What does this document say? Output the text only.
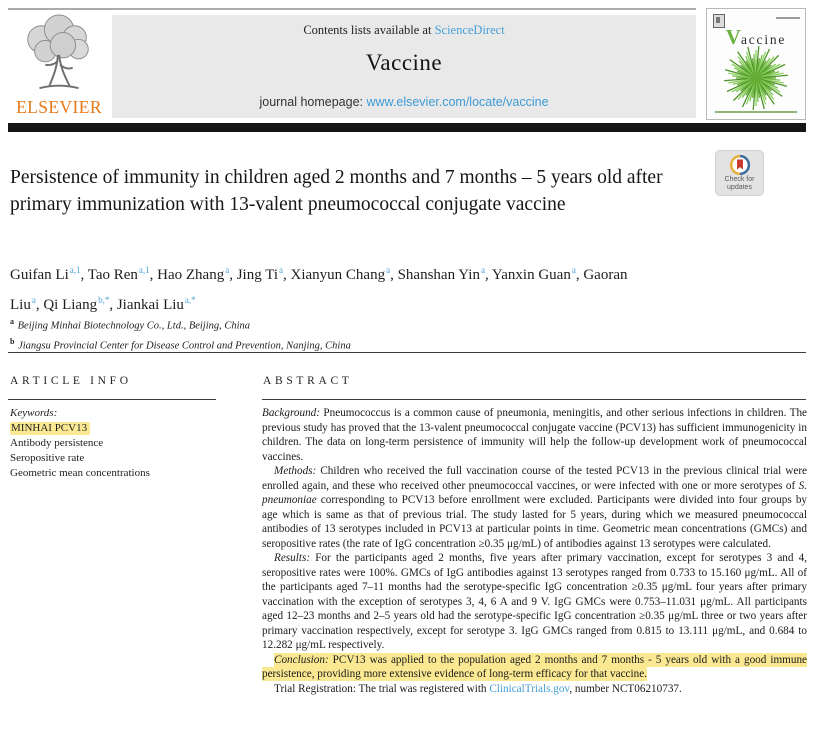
ELSEVIER

Contents lists available at ScienceDirect

Vaccine

journal homepage: www.elsevier.com/locate/vaccine

Vaccine
Check for
updates
Persistence of immunity in children aged 2 months and 7 months – 5 years old after primary immunization with 13-valent pneumococcal conjugate vaccine
Guifan Li$^{a,1}$, Tao Ren$^{a,1}$, Hao Zhang$^a$, Jing Ti$^a$, Xianyun Chang$^a$, Shanshan Yin$^a$, Yanxin Guan$^a$, Gaoran Liu$^a$, Qi Liang$^{b,*}$, Jiankai Liu$^{a,*}$
$^a$ Beijing Minhai Biotechnology Co., Ltd., Beijing, China
$^b$ Jiangsu Provincial Center for Disease Control and Prevention, Nanjing, China
ARTICLE INFO	ABSTRACT
Keywords:
MINHAI PCV13
Antibody persistence
Seropositive rate
Geometric mean concentrations

Background: Pneumococcus is a common cause of pneumonia, meningitis, and other serious infections in children. The previous study has proved that the 13-valent pneumococcal conjugate vaccine (PCV13) has sufficient immunogenicity in children. The data on long-term persistence of immunity will help the follow-up development work of pneumococcal vaccines.

Methods: Children who received the full vaccination course of the tested PCV13 in the previous clinical trial were enrolled again, and these who received other pneumococcal vaccines, or were infected with one or more serotypes of S. pneumoniae corresponding to PCV13 before enrollment were excluded. Participants were divided into four groups by age which is same as that of previous trial. The study lasted for 5 years, during which we measured pneumococcal antibodies of 13 serotypes included in PCV13 at particular points in time. Geometric mean concentrations (GMCs) and seropositive rates (the rate of IgG concentration ≥0.35 μg/mL) of antibodies against 13 serotypes were calculated.

Results: For the participants aged 2 months, five years after primary vaccination, except for serotypes 3 and 4, seropositive rates were 100%. GMCs of IgG antibodies against 13 serotypes ranged from 0.733 to 15.160 μg/mL. All of the participants aged 7–11 months had the serotype-specific IgG concentration ≥0.35 μg/mL four years after primary vaccination with the exception of serotypes 3, 4, 6 A and 9 V. IgG GMCs were 0.753–11.031 μg/mL. All participants aged 12–23 months and 2–5 years old had the serotype-specific IgG concentration ≥0.35 μg/mL three or two years after primary vaccination respectively, except for serotype 3. IgG GMCs ranged from 0.815 to 13.111 μg/mL, and 0.684 to 12.282 μg/mL respectively.

Conclusion: PCV13 was applied to the population aged 2 months and 7 months - 5 years old with a good immune persistence, providing more extensive evidence of long-term efficacy for that vaccine.

Trial Registration: The trial was registered with ClinicalTrials.gov, number NCT06210737.
